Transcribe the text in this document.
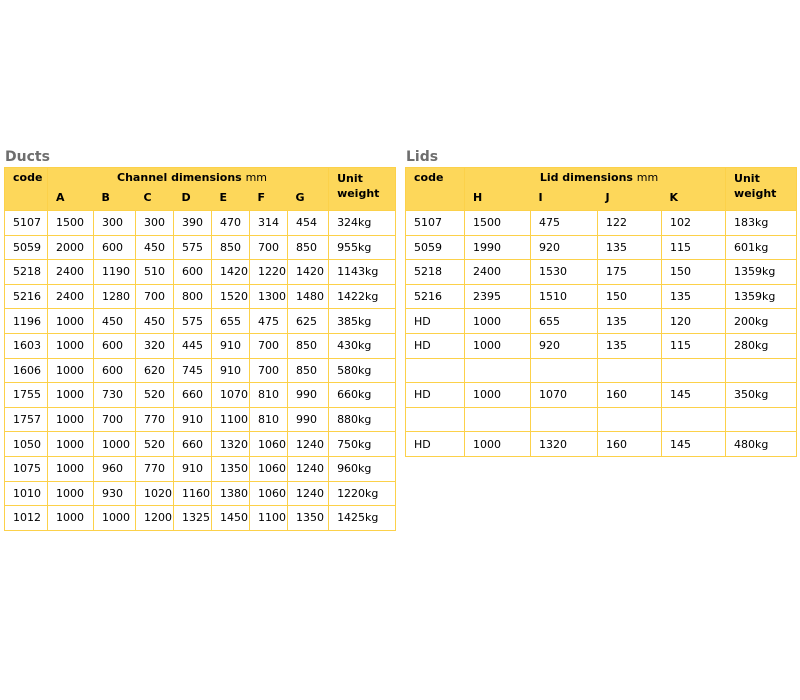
Ducts
code	Channel dimensions mm							Unit
weight
	A	B	C	D	E	F	G	
5107	1500	300	300	390	470	314	454	324kg
5059	2000	600	450	575	850	700	850	955kg
5218	2400	1190	510	600	1420	1220	1420	1143kg
5216	2400	1280	700	800	1520	1300	1480	1422kg
1196	1000	450	450	575	655	475	625	385kg
1603	1000	600	320	445	910	700	850	430kg
1606	1000	600	620	745	910	700	850	580kg
1755	1000	730	520	660	1070	810	990	660kg
1757	1000	700	770	910	1100	810	990	880kg
1050	1000	1000	520	660	1320	1060	1240	750kg
1075	1000	960	770	910	1350	1060	1240	960kg
1010	1000	930	1020	1160	1380	1060	1240	1220kg
1012	1000	1000	1200	1325	1450	1100	1350	1425kg
Lids
code	Lid dimensions mm				Unit
weight
	H	I	J	K	
5107	1500	475	122	102	183kg
5059	1990	920	135	115	601kg
5218	2400	1530	175	150	1359kg
5216	2395	1510	150	135	1359kg
HD	1000	655	135	120	200kg
HD	1000	920	135	115	280kg

HD	1000	1070	160	145	350kg

HD	1000	1320	160	145	480kg
